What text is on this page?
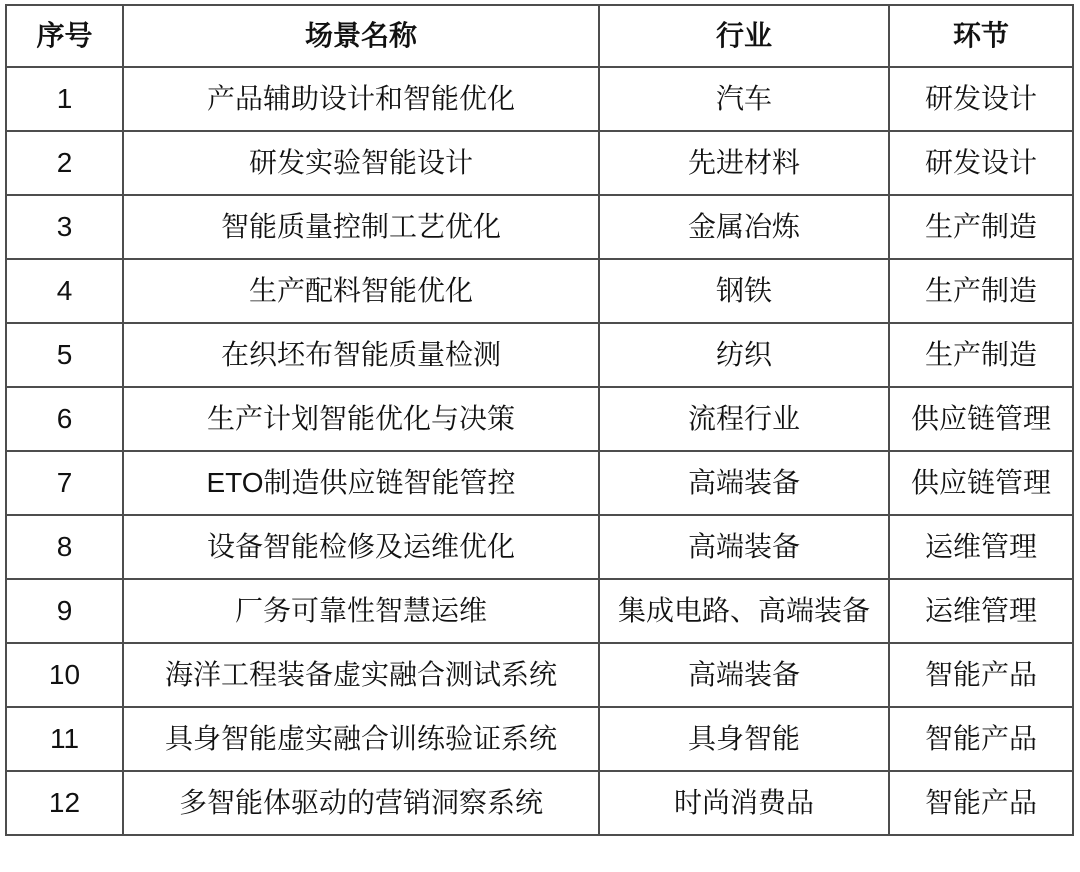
序号	场景名称	行业	环节
1	产品辅助设计和智能优化	汽车	研发设计
2	研发实验智能设计	先进材料	研发设计
3	智能质量控制工艺优化	金属冶炼	生产制造
4	生产配料智能优化	钢铁	生产制造
5	在织坯布智能质量检测	纺织	生产制造
6	生产计划智能优化与决策	流程行业	供应链管理
7	ETO制造供应链智能管控	高端装备	供应链管理
8	设备智能检修及运维优化	高端装备	运维管理
9	厂务可靠性智慧运维	集成电路、高端装备	运维管理
10	海洋工程装备虚实融合测试系统	高端装备	智能产品
11	具身智能虚实融合训练验证系统	具身智能	智能产品
12	多智能体驱动的营销洞察系统	时尚消费品	智能产品
